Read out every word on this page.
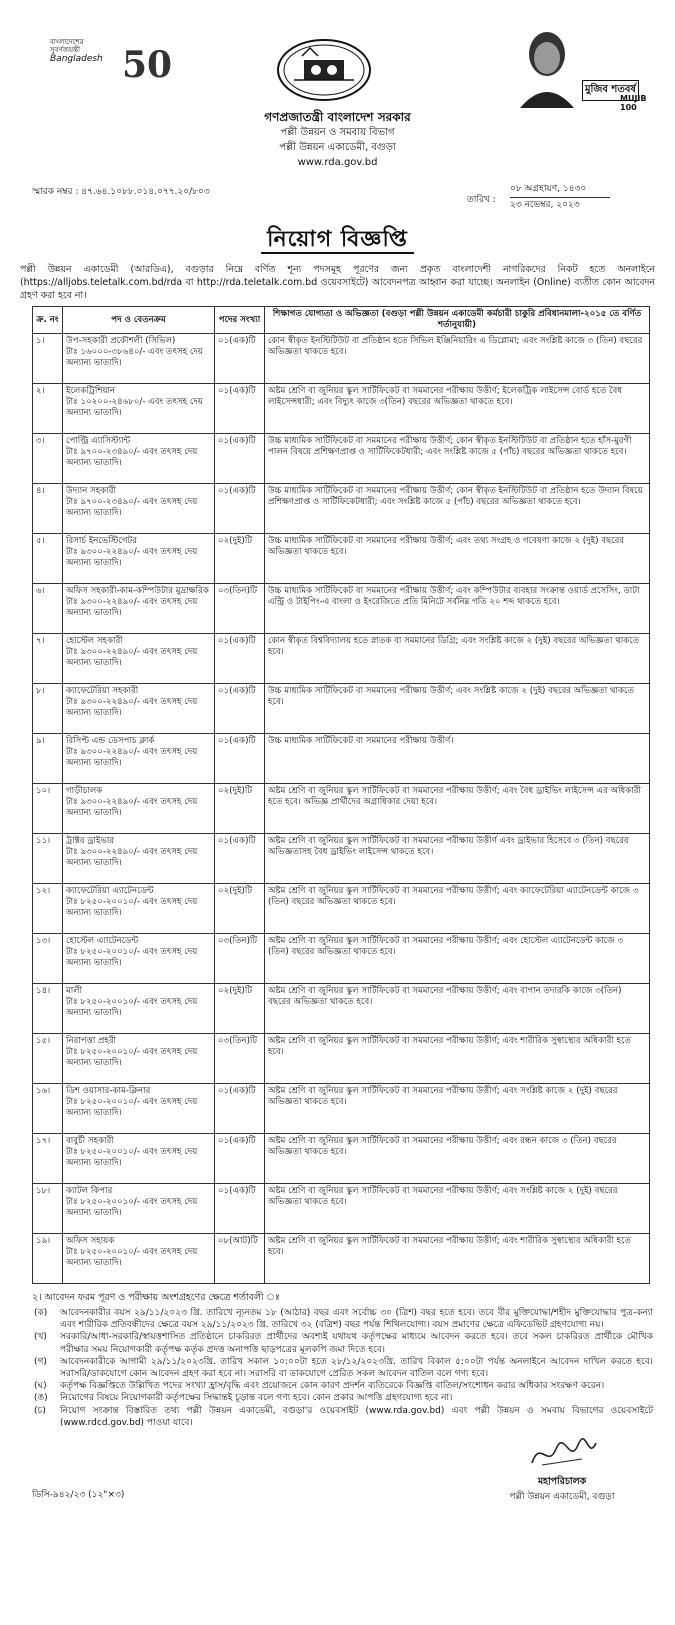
বাংলাদেশের
সুবর্ণজয়ন্তী
Bangladesh 50
মুজিব শতবর্ষ
MUJIB 100
গণপ্রজাতন্ত্রী বাংলাদেশ সরকার
পল্লী উন্নয়ন ও সমবায় বিভাগ
পল্লী উন্নয়ন একাডেমী, বগুড়া
www.rda.gov.bd
স্মারক নম্বর : ৪৭.৬৪.১০৮৮.০১৪.০৭৭.২০/৮০৩
তারিখ :
০৮ অগ্রহায়ণ, ১৪৩০
২৩ নভেম্বর, ২০২৩
নিয়োগ বিজ্ঞপ্তি
পল্লী উন্নয়ন একাডেমী (আরডিএ), বগুড়ার নিম্নে বর্ণিত শূন্য পদসমূহ পূরণের জন্য প্রকৃত বাংলাদেশী নাগরিকদের নিকট হতে অনলাইনে (https://alljobs.teletalk.com.bd/rda বা http://rda.teletalk.com.bd ওয়েবসাইটে) আবেদনপত্র আহ্বান করা যাচ্ছে। অনলাইন (Online) ব্যতীত কোন আবেদন গ্রহণ করা হবে না।
ক্র. নং	পদ ও বেতনক্রম	পদের সংখ্যা	শিক্ষাগত যোগ্যতা ও অভিজ্ঞতা (বগুড়া পল্লী উন্নয়ন একাডেমী কর্মচারী চাকুরি প্রবিধানমালা-২০১৫ তে বর্ণিত শর্তানুযায়ী)
১।	উপ-সহকারী প্রকৌশলী (সিভিল)
টাঃ ১৬০০০-৩৮৬৪০/- এবং তৎসহ দেয় অন্যান্য ভাতাদি।	০১(এক)টি	কোন স্বীকৃত ইনস্টিটিউট বা প্রতিষ্ঠান হতে সিভিল ইঞ্জিনিয়ারিং এ ডিপ্লোমা; এবং সংশ্লিষ্ট কাজে ৩ (তিন) বছরের অভিজ্ঞতা থাকতে হবে।
২।	ইলেকট্রিশিয়ান
টাঃ ১০২০০-২৪৬৮০/- এবং তৎসহ দেয় অন্যান্য ভাতাদি।	০১(এক)টি	অষ্টম শ্রেণি বা জুনিয়র স্কুল সার্টিফিকেট বা সমমানের পরীক্ষায় উত্তীর্ণ; ইলেকট্রিক লাইসেন্স বোর্ড হতে বৈধ লাইসেন্সধারী; এবং বিদ্যুৎ কাজে ৩(তিন) বছরের অভিজ্ঞতা থাকতে হবে।
৩।	পোল্ট্রি এ্যাসিস্ট্যান্ট
টাঃ ৯৭০০-২৩৪৯০/- এবং তৎসহ দেয় অন্যান্য ভাতাদি।	০১(এক)টি	উচ্চ মাধ্যমিক সার্টিফিকেট বা সমমানের পরীক্ষায় উত্তীর্ণ; কোন স্বীকৃত ইনস্টিটিউট বা প্রতিষ্ঠান হতে হাঁস-মুরগী পালন বিষয়ে প্রশিক্ষণপ্রাপ্ত ও সার্টিফিকেটধারী; এবং সংশ্লিষ্ট কাজে ৫ (পাঁচ) বছরের অভিজ্ঞতা থাকতে হবে।
৪।	উদ্যান সহকারী
টাঃ ৯৭০০-২৩৪৯০/- এবং তৎসহ দেয় অন্যান্য ভাতাদি।	০১(এক)টি	উচ্চ মাধ্যমিক সার্টিফিকেট বা সমমানের পরীক্ষায় উত্তীর্ণ; কোন স্বীকৃত ইনস্টিটিউট বা প্রতিষ্ঠান হতে উদ্যান বিষয়ে প্রশিক্ষণপ্রাপ্ত ও সার্টিফিকেটধারী; এবং সংশ্লিষ্ট কাজে ৫ (পাঁচ) বছরের অভিজ্ঞতা থাকতে হবে।
৫।	রিসার্চ ইনভেস্টিগেটর
টাঃ ৯৩০০-২২৪৯০/- এবং তৎসহ দেয় অন্যান্য ভাতাদি।	০২(দুই)টি	উচ্চ মাধ্যমিক সার্টিফিকেট বা সমমানের পরীক্ষায় উত্তীর্ণ; এবং তথ্য সংগ্রহ ও গবেষণা কাজে ২ (দুই) বছরের অভিজ্ঞতা থাকতে হবে।
৬।	অফিস সহকারী-কাম-কম্পিউটার মুদ্রাক্ষরিক
টাঃ ৯৩০০-২২৪৯০/- এবং তৎসহ দেয় অন্যান্য ভাতাদি।	০৩(তিন)টি	উচ্চ মাধ্যমিক সার্টিফিকেট বা সমমানের পরীক্ষায় উত্তীর্ণ; এবং কম্পিউটার ব্যবহার সংক্রান্ত ওয়ার্ড প্রসেসিং, ডাটা এন্ট্রি ও টাইপিং-এ বাংলা ও ইংরেজিতে প্রতি মিনিটে সর্বনিম্ন গতি ২০ শব্দ থাকতে হবে।
৭।	হোস্টেল সহকারী
টাঃ ৯৩০০-২২৪৯০/- এবং তৎসহ দেয় অন্যান্য ভাতাদি।	০১(এক)টি	কোন স্বীকৃত বিশ্ববিদ্যালয় হতে স্নাতক বা সমমানের ডিগ্রি; এবং সংশ্লিষ্ট কাজে ২ (দুই) বছরের অভিজ্ঞতা থাকতে হবে।
৮।	ক্যাফেটেরিয়া সহকারী
টাঃ ৯৩০০-২২৪৯০/- এবং তৎসহ দেয় অন্যান্য ভাতাদি।	০১(এক)টি	উচ্চ মাধ্যমিক সার্টিফিকেট বা সমমানের পরীক্ষায় উত্তীর্ণ; এবং সংশ্লিষ্ট কাজে ২ (দুই) বছরের অভিজ্ঞতা থাকতে হবে।
৯।	রিসিপ্ট এন্ড ডেসপাচ ক্লার্ক
টাঃ ৯৩০০-২২৪৯০/- এবং তৎসহ দেয় অন্যান্য ভাতাদি।	০১(এক)টি	উচ্চ মাধ্যমিক সার্টিফিকেট বা সমমানের পরীক্ষায় উত্তীর্ণ।
১০।	গাড়ীচালক
টাঃ ৯৩০০-২২৪৯০/- এবং তৎসহ দেয় অন্যান্য ভাতাদি।	০২(দুই)টি	অষ্টম শ্রেণি বা জুনিয়র স্কুল সার্টিফিকেট বা সমমানের পরীক্ষায় উত্তীর্ণ; এবং বৈধ ড্রাইভিং লাইসেন্স এর অধিকারী হতে হবে। অভিজ্ঞ প্রার্থীদের অগ্রাধিকার দেয়া হবে।
১১।	ট্রাক্টর ড্রাইভার
টাঃ ৯৩০০-২২৪৯০/- এবং তৎসহ দেয় অন্যান্য ভাতাদি।	০১(এক)টি	অষ্টম শ্রেণি বা জুনিয়র স্কুল সার্টিফিকেট বা সমমানের পরীক্ষায় উত্তীর্ণ এবং ড্রাইভার হিসেবে ৩ (তিন) বছরের অভিজ্ঞতাসহ বৈধ ড্রাইভিং লাইসেন্স থাকতে হবে।
১২।	ক্যাফেটেরিয়া এ্যাটেনডেন্ট
টাঃ ৮২৫০-২০০১০/- এবং তৎসহ দেয় অন্যান্য ভাতাদি।	০২(দুই)টি	অষ্টম শ্রেণি বা জুনিয়র স্কুল সার্টিফিকেট বা সমমানের পরীক্ষায় উত্তীর্ণ; এবং ক্যাফেটেরিয়া এ্যাটেনডেন্ট কাজে ৩ (তিন) বছরের অভিজ্ঞতা থাকতে হবে।
১৩।	হোস্টেল এ্যাটেনডেন্ট
টাঃ ৮২৫০-২০০১০/- এবং তৎসহ দেয় অন্যান্য ভাতাদি।	০৩(তিন)টি	অষ্টম শ্রেণি বা জুনিয়র স্কুল সার্টিফিকেট বা সমমানের পরীক্ষায় উত্তীর্ণ; এবং হোস্টেল এ্যাটেনডেন্ট কাজে ৩ (তিন) বছরের অভিজ্ঞতা থাকতে হবে।
১৪।	মালী
টাঃ ৮২৫০-২০০১০/- এবং তৎসহ দেয় অন্যান্য ভাতাদি।	০২(দুই)টি	অষ্টম শ্রেণি বা জুনিয়র স্কুল সার্টিফিকেট বা সমমানের পরীক্ষায় উত্তীর্ণ; এবং বাগান তদারকি কাজে ৩(তিন) বছরের অভিজ্ঞতা থাকতে হবে।
১৫।	নিরাপত্তা প্রহরী
টাঃ ৮২৫০-২০০১০/- এবং তৎসহ দেয় অন্যান্য ভাতাদি।	০৩(তিন)টি	অষ্টম শ্রেণি বা জুনিয়র স্কুল সার্টিফিকেট বা সমমানের পরীক্ষায় উত্তীর্ণ; এবং শারীরিক সুস্বাস্থ্যের অধিকারী হতে হবে।
১৬।	ডিশ ওয়াসার-কাম-ক্লিনার
টাঃ ৮২৫০-২০০১০/- এবং তৎসহ দেয় অন্যান্য ভাতাদি।	০১(এক)টি	অষ্টম শ্রেণি বা জুনিয়র স্কুল সার্টিফিকেট বা সমমানের পরীক্ষায় উত্তীর্ণ; এবং সংশ্লিষ্ট কাজে ২ (দুই) বছরের অভিজ্ঞতা থাকতে হবে।
১৭।	বাবুর্চী সহকারী
টাঃ ৮২৫০-২০০১০/- এবং তৎসহ দেয় অন্যান্য ভাতাদি।	০১(এক)টি	অষ্টম শ্রেণি বা জুনিয়র স্কুল সার্টিফিকেট বা সমমানের পরীক্ষায় উত্তীর্ণ; এবং রন্ধন কাজে ৩ (তিন) বছরের অভিজ্ঞতা থাকতে হবে।
১৮।	ক্যাটল কিপার
টাঃ ৮২৫০-২০০১০/- এবং তৎসহ দেয় অন্যান্য ভাতাদি।	০১(এক)টি	অষ্টম শ্রেণি বা জুনিয়র স্কুল সার্টিফিকেট বা সমমানের পরীক্ষায় উত্তীর্ণ; এবং সংশ্লিষ্ট কাজে ২ (দুই) বছরের অভিজ্ঞতা থাকতে হবে।
১৯।	অফিস সহায়ক
টাঃ ৮২৫০-২০০১০/- এবং তৎসহ দেয় অন্যান্য ভাতাদি।	০৮(আট)টি	অষ্টম শ্রেণি বা জুনিয়র স্কুল সার্টিফিকেট বা সমমানের পরীক্ষায় উত্তীর্ণ; এবং শারীরিক সুস্বাস্থ্যের অধিকারী হতে হবে।
২। আবেদন ফরম পূরণ ও পরীক্ষায় অংশগ্রহণের ক্ষেত্রে শর্তাবলী ঃ
(ক)	আবেদনকারীর বয়স ২৯/১১/২০২৩ খ্রি. তারিখে ন্যূনতম ১৮ (আঠার) বছর এবং সর্বোচ্চ ৩০ (ত্রিশ) বছর হতে হবে। তবে বীর মুক্তিযোদ্ধা/শহীদ মুক্তিযোদ্ধার পুত্র-কন্যা এবং শারীরিক প্রতিবন্ধীদের ক্ষেত্রে বয়স ২৯/১১/২০২৩ খ্রি. তারিখে ৩২ (বত্রিশ) বছর পর্যন্ত শিথিলযোগ্য। বয়স প্রমাণের ক্ষেত্রে এফিডেভিট গ্রহণযোগ্য নয়।
(খ)	সরকারি/আধা-সরকারি/স্বায়ত্তশাসিত প্রতিষ্ঠানে চাকরিরত প্রার্থীদের অবশ্যই যথাযথ কর্তৃপক্ষের মাধ্যমে আবেদন করতে হবে। তবে সকল চাকরিরত প্রার্থীকে মৌখিক পরীক্ষার সময় নিয়োগকারী কর্তৃপক্ষ কর্তৃক প্রদত্ত অনাপত্তি ছাড়পত্রের মূলকপি জমা দিতে হবে।
(গ)	আবেদনকারীকে আগামী ২৯/১১/২০২৩খ্রি. তারিখ সকাল ১০:০০টা হতে ২৮/১২/২০২৩খ্রি. তারিখ বিকাল ৫:০০টা পর্যন্ত অনলাইনে আবেদন দাখিল করতে হবে। সরাসরি/ডাকযোগে কোন আবেদন গ্রহণ করা হবে না। সরাসরি বা ডাকযোগে প্রেরিত সকল আবেদন বাতিল বলে গণ্য হবে।
(ঘ)	কর্তৃপক্ষ বিজ্ঞপ্তিতে উল্লিখিত পদের সংখ্যা হ্রাস/বৃদ্ধি এবং প্রয়োজনে কোন কারণ প্রদর্শন ব্যতিরেকে বিজ্ঞপ্তি বাতিল/সংশোধন করার অধিকার সংরক্ষণ করেন।
(ঙ)	নিয়োগের বিষয়ে নিয়োগকারী কর্তৃপক্ষের সিদ্ধান্তই চূড়ান্ত বলে গণ্য হবে। কোন প্রকার আপত্তি গ্রহণযোগ্য হবে না।
(চ)	নিয়োগ সংক্রান্ত বিস্তারিত তথ্য পল্লী উন্নয়ন একাডেমী, বগুড়া'র ওয়েবসাইট (www.rda.gov.bd) এবং পল্লী উন্নয়ন ও সমবায় বিভাগের ওয়েবসাইটে (www.rdcd.gov.bd) পাওয়া যাবে।
ডিসি-৯৪২/২৩ (১২"×৩)
মহাপরিচালক
পল্লী উন্নয়ন একাডেমী, বগুড়া
